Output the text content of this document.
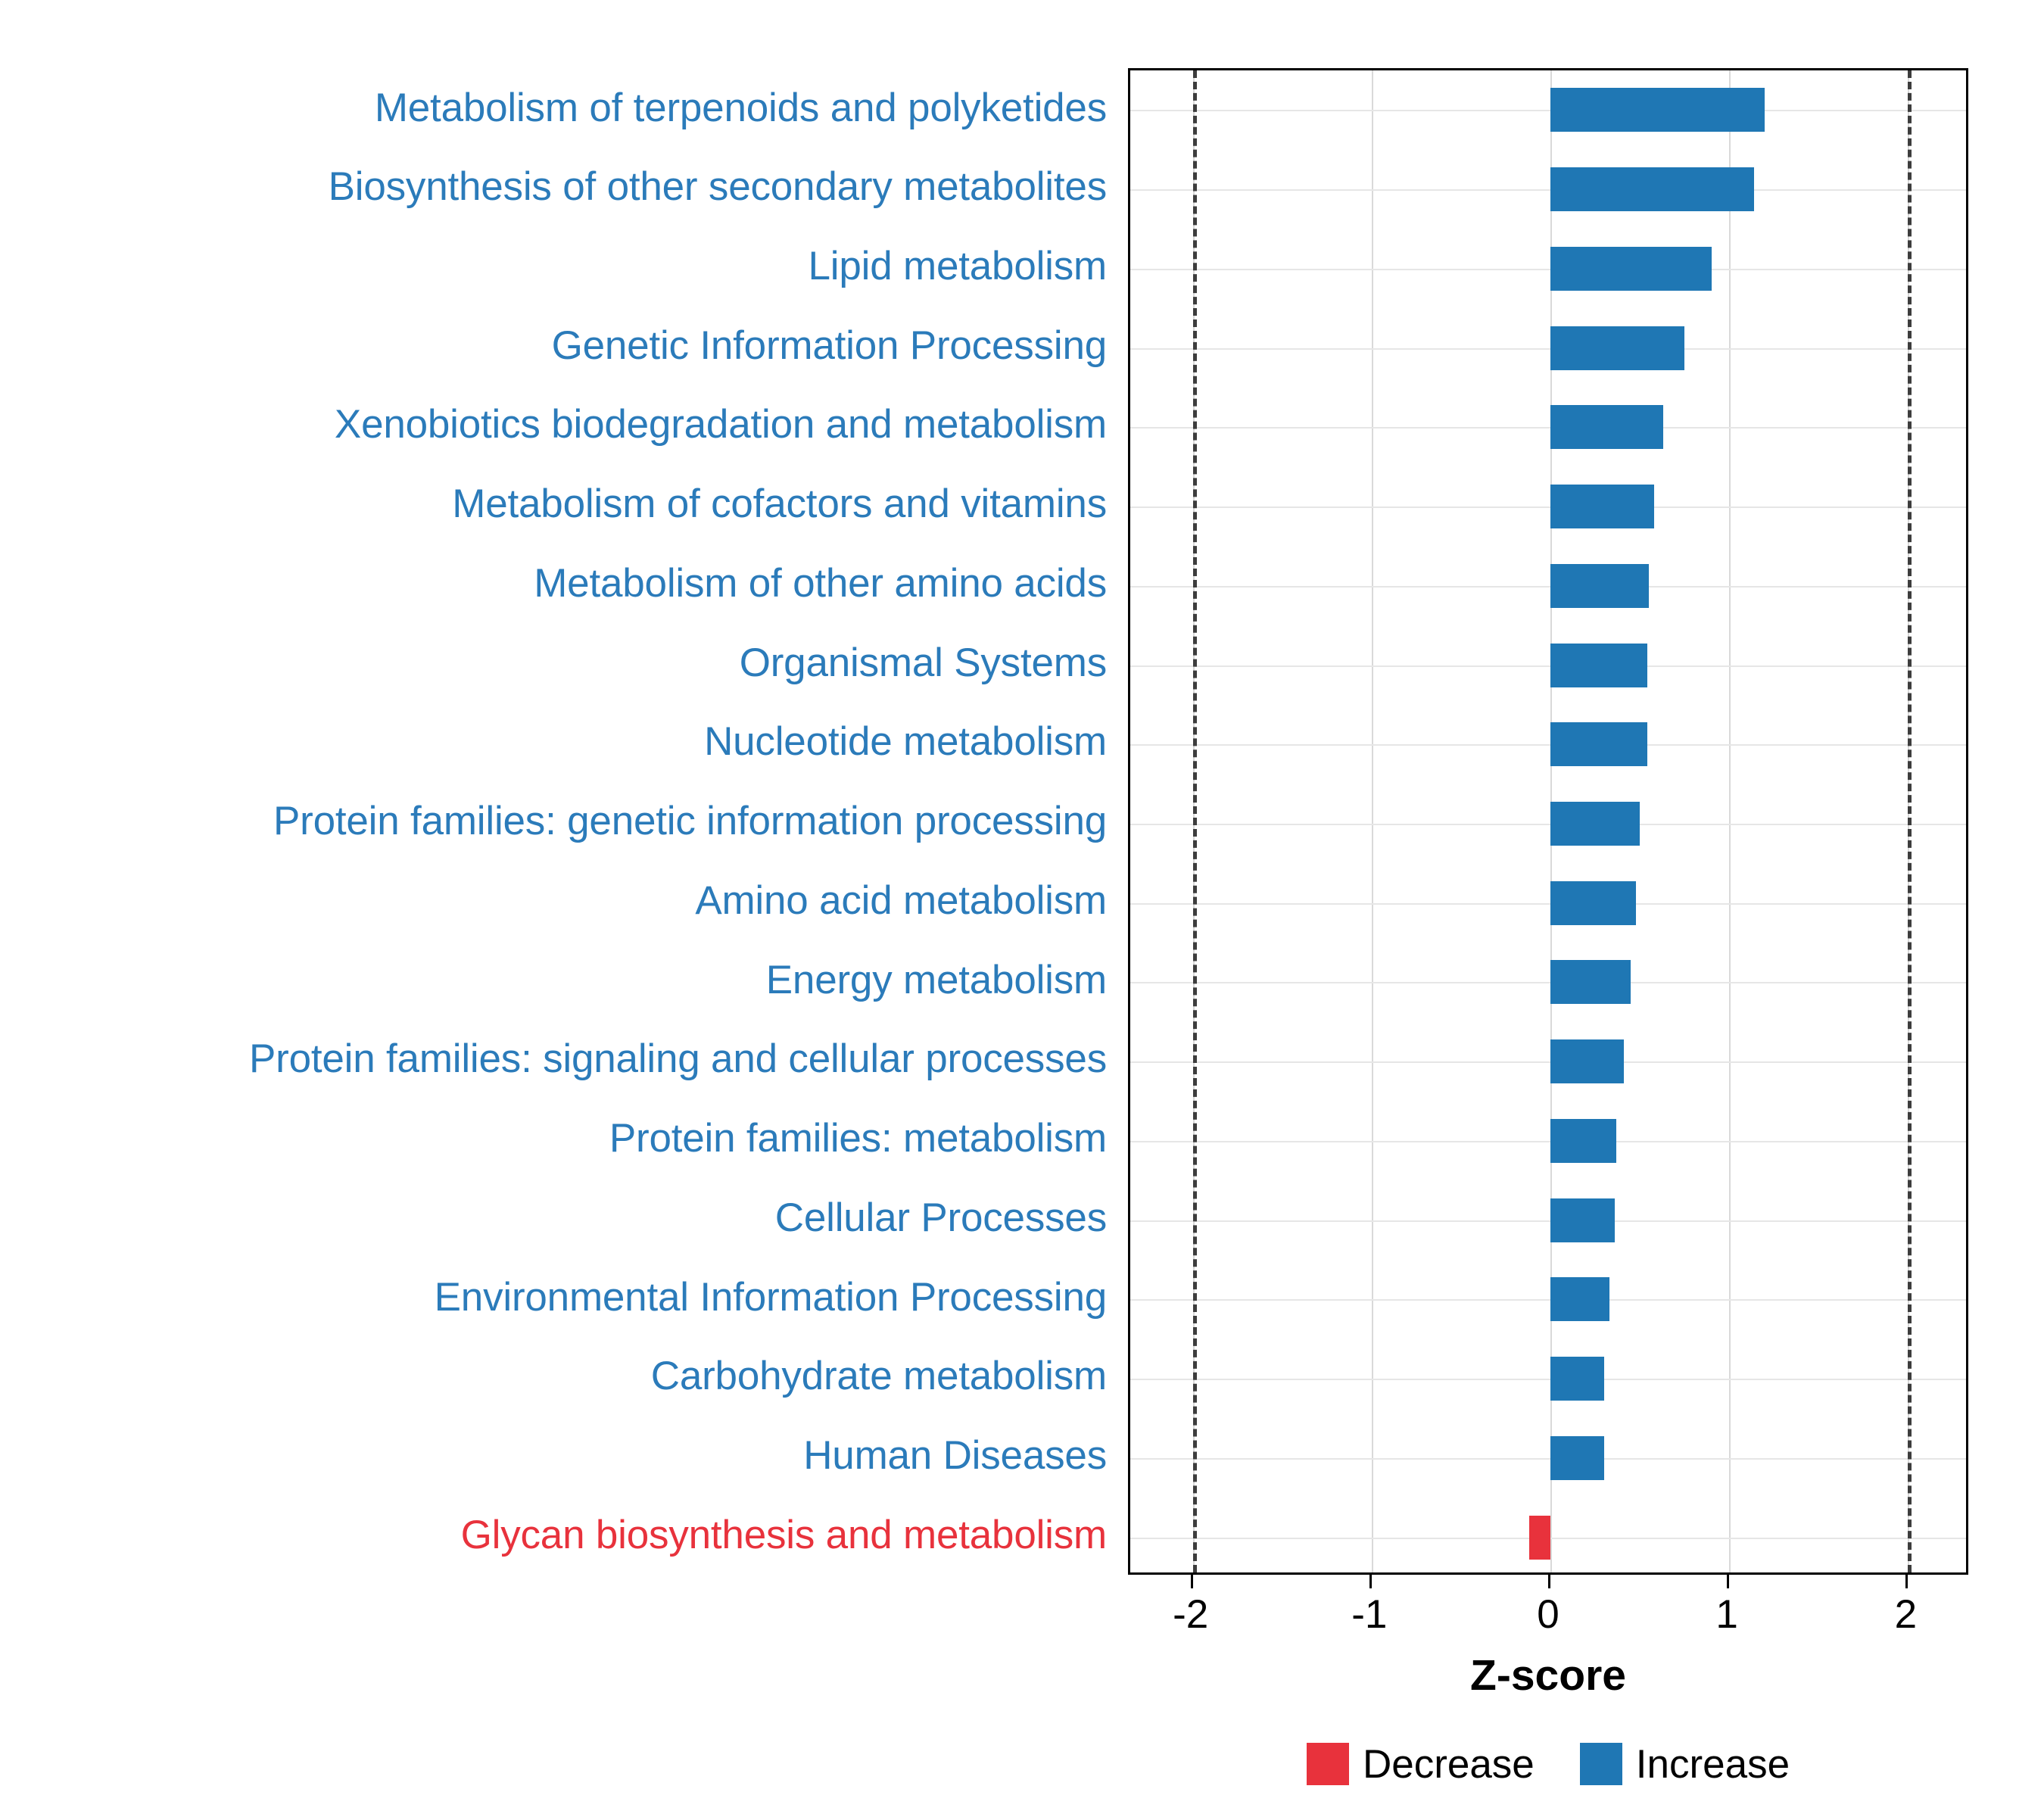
Metabolism of terpenoids and polyketides
Biosynthesis of other secondary metabolites
Lipid metabolism
Genetic Information Processing
Xenobiotics biodegradation and metabolism
Metabolism of cofactors and vitamins
Metabolism of other amino acids
Organismal Systems
Nucleotide metabolism
Protein families: genetic information processing
Amino acid metabolism
Energy metabolism
Protein families: signaling and cellular processes
Protein families: metabolism
Cellular Processes
Environmental Information Processing
Carbohydrate metabolism
Human Diseases
Glycan biosynthesis and metabolism
-2	-1	0	1	2
Z-score
Decrease	Increase
